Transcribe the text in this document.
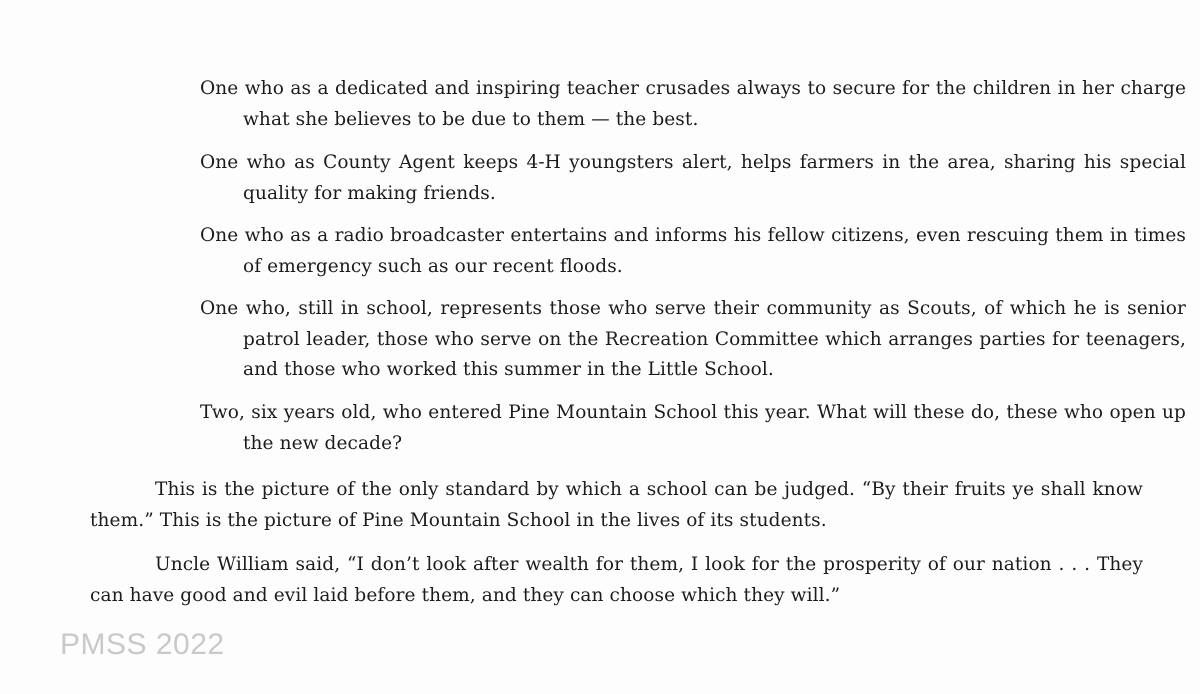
One who as a dedicated and inspiring teacher crusades always to secure for the children in her charge what she believes to be due to them — the best.

One who as County Agent keeps 4-H youngsters alert, helps farmers in the area, sharing his special quality for making friends.

One who as a radio broadcaster entertains and informs his fellow citizens, even rescuing them in times of emergency such as our recent floods.

One who, still in school, represents those who serve their community as Scouts, of which he is senior patrol leader, those who serve on the Recreation Committee which arranges parties for teenagers, and those who worked this summer in the Little School.

Two, six years old, who entered Pine Mountain School this year. What will these do, these who open up the new decade?

This is the picture of the only standard by which a school can be judged. “By their fruits ye shall know them.” This is the picture of Pine Mountain School in the lives of its students.

Uncle William said, “I don’t look after wealth for them, I look for the prosperity of our nation . . . They can have good and evil laid before them, and they can choose which they will.”

PMSS 2022
